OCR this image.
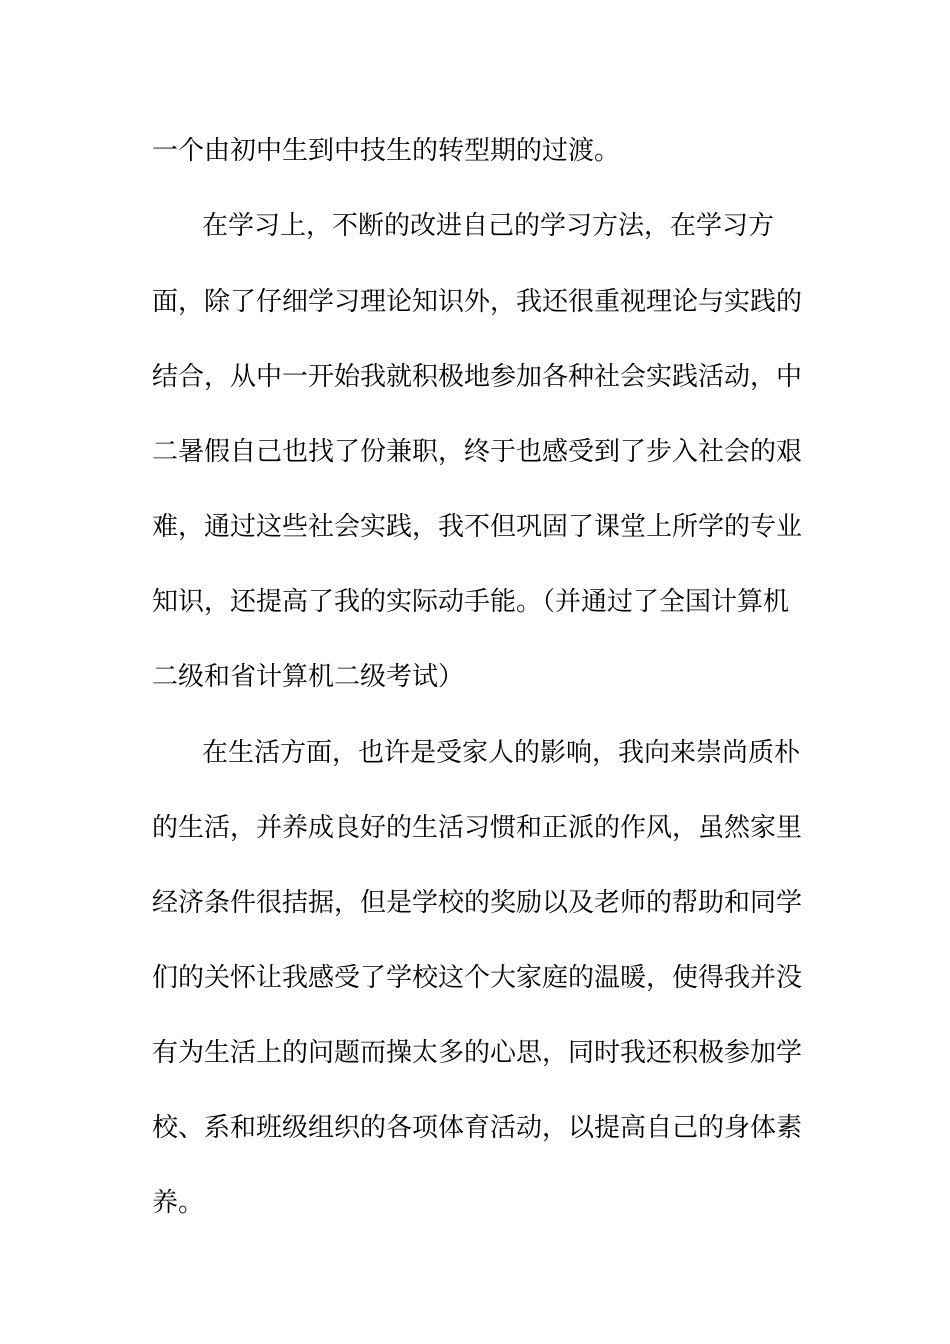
一个由初中生到中技生的转型期的过渡。
在学习上，不断的改进自己的学习方法，在学习方
面，除了仔细学习理论知识外，我还很重视理论与实践的
结合，从中一开始我就积极地参加各种社会实践活动，中
二暑假自己也找了份兼职，终于也感受到了步入社会的艰
难，通过这些社会实践，我不但巩固了课堂上所学的专业
知识，还提高了我的实际动手能。（并通过了全国计算机
二级和省计算机二级考试）
在生活方面，也许是受家人的影响，我向来崇尚质朴
的生活，并养成良好的生活习惯和正派的作风，虽然家里
经济条件很拮据，但是学校的奖励以及老师的帮助和同学
们的关怀让我感受了学校这个大家庭的温暖，使得我并没
有为生活上的问题而操太多的心思，同时我还积极参加学
校、系和班级组织的各项体育活动，以提高自己的身体素
养。
